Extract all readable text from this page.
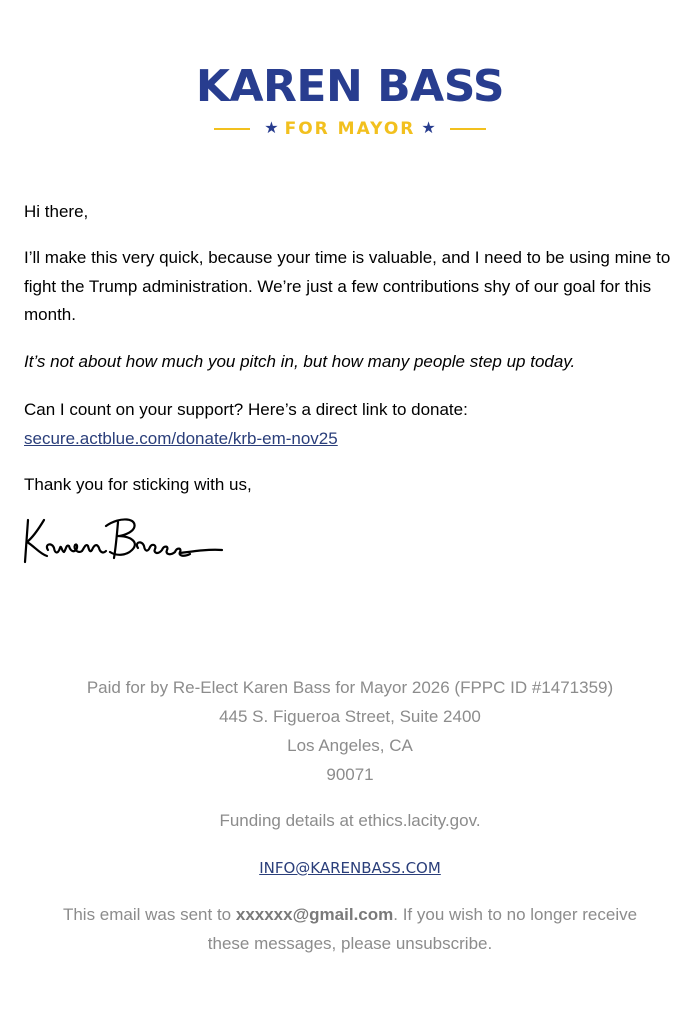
KAREN BASS
★ FOR MAYOR ★

Hi there,

I’ll make this very quick, because your time is valuable, and I need to be using mine to fight the Trump administration. We’re just a few contributions shy of our goal for this month.

It’s not about how much you pitch in, but how many people step up today.

Can I count on your support? Here’s a direct link to donate:

secure.actblue.com/donate/krb-em-nov25

Thank you for sticking with us,

Paid for by Re-Elect Karen Bass for Mayor 2026 (FPPC ID #1471359)
445 S. Figueroa Street, Suite 2400
Los Angeles, CA
90071
Funding details at ethics.lacity.gov.
INFO@KARENBASS.COM
This email was sent to xxxxxx@gmail.com. If you wish to no longer receive these messages, please unsubscribe.
